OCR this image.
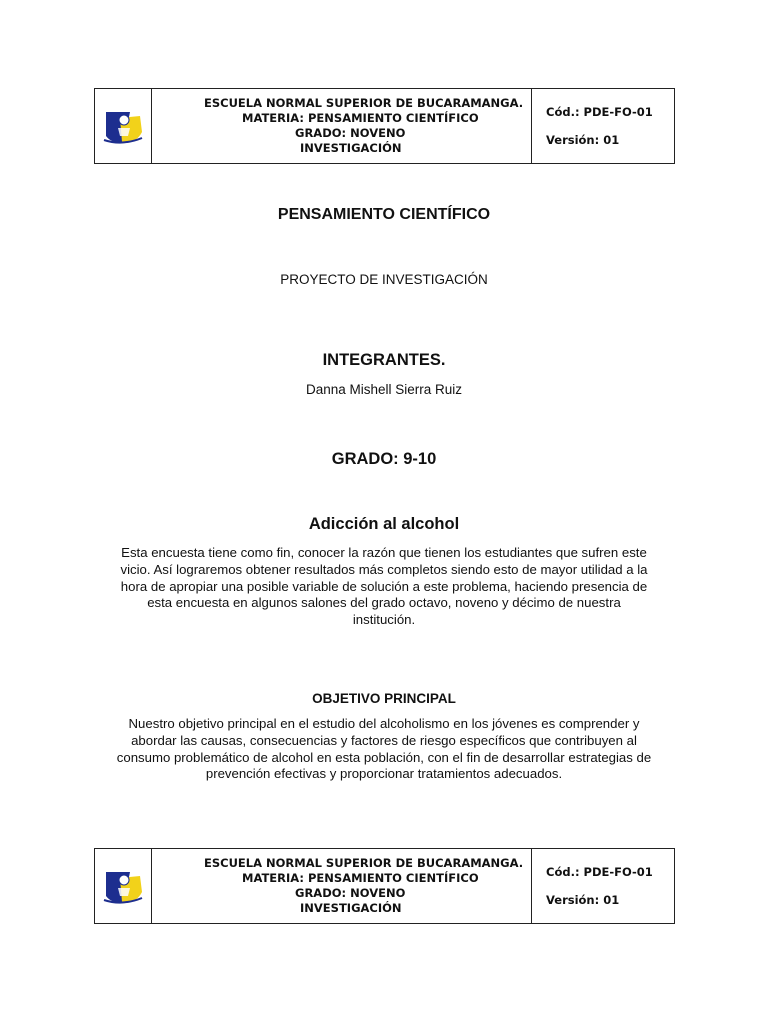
ESCUELA NORMAL SUPERIOR DE BUCARAMANGA.
MATERIA: PENSAMIENTO CIENTÍFICO
GRADO: NOVENO
INVESTIGACIÓN
Cód.: PDE-FO-01
Versión: 01
PENSAMIENTO CIENTÍFICO
PROYECTO DE INVESTIGACIÓN
INTEGRANTES.
Danna Mishell Sierra Ruiz
GRADO: 9-10
Adicción al alcohol
Esta encuesta tiene como fin, conocer la razón que tienen los estudiantes que sufren este
vicio. Así lograremos obtener resultados más completos siendo esto de mayor utilidad a la
hora de apropiar una posible variable de solución a este problema, haciendo presencia de
esta encuesta en algunos salones del grado octavo, noveno y décimo de nuestra
institución.
OBJETIVO PRINCIPAL
Nuestro objetivo principal en el estudio del alcoholismo en los jóvenes es comprender y
abordar las causas, consecuencias y factores de riesgo específicos que contribuyen al
consumo problemático de alcohol en esta población, con el fin de desarrollar estrategias de
prevención efectivas y proporcionar tratamientos adecuados.
ESCUELA NORMAL SUPERIOR DE BUCARAMANGA.
MATERIA: PENSAMIENTO CIENTÍFICO
GRADO: NOVENO
INVESTIGACIÓN
Cód.: PDE-FO-01
Versión: 01
